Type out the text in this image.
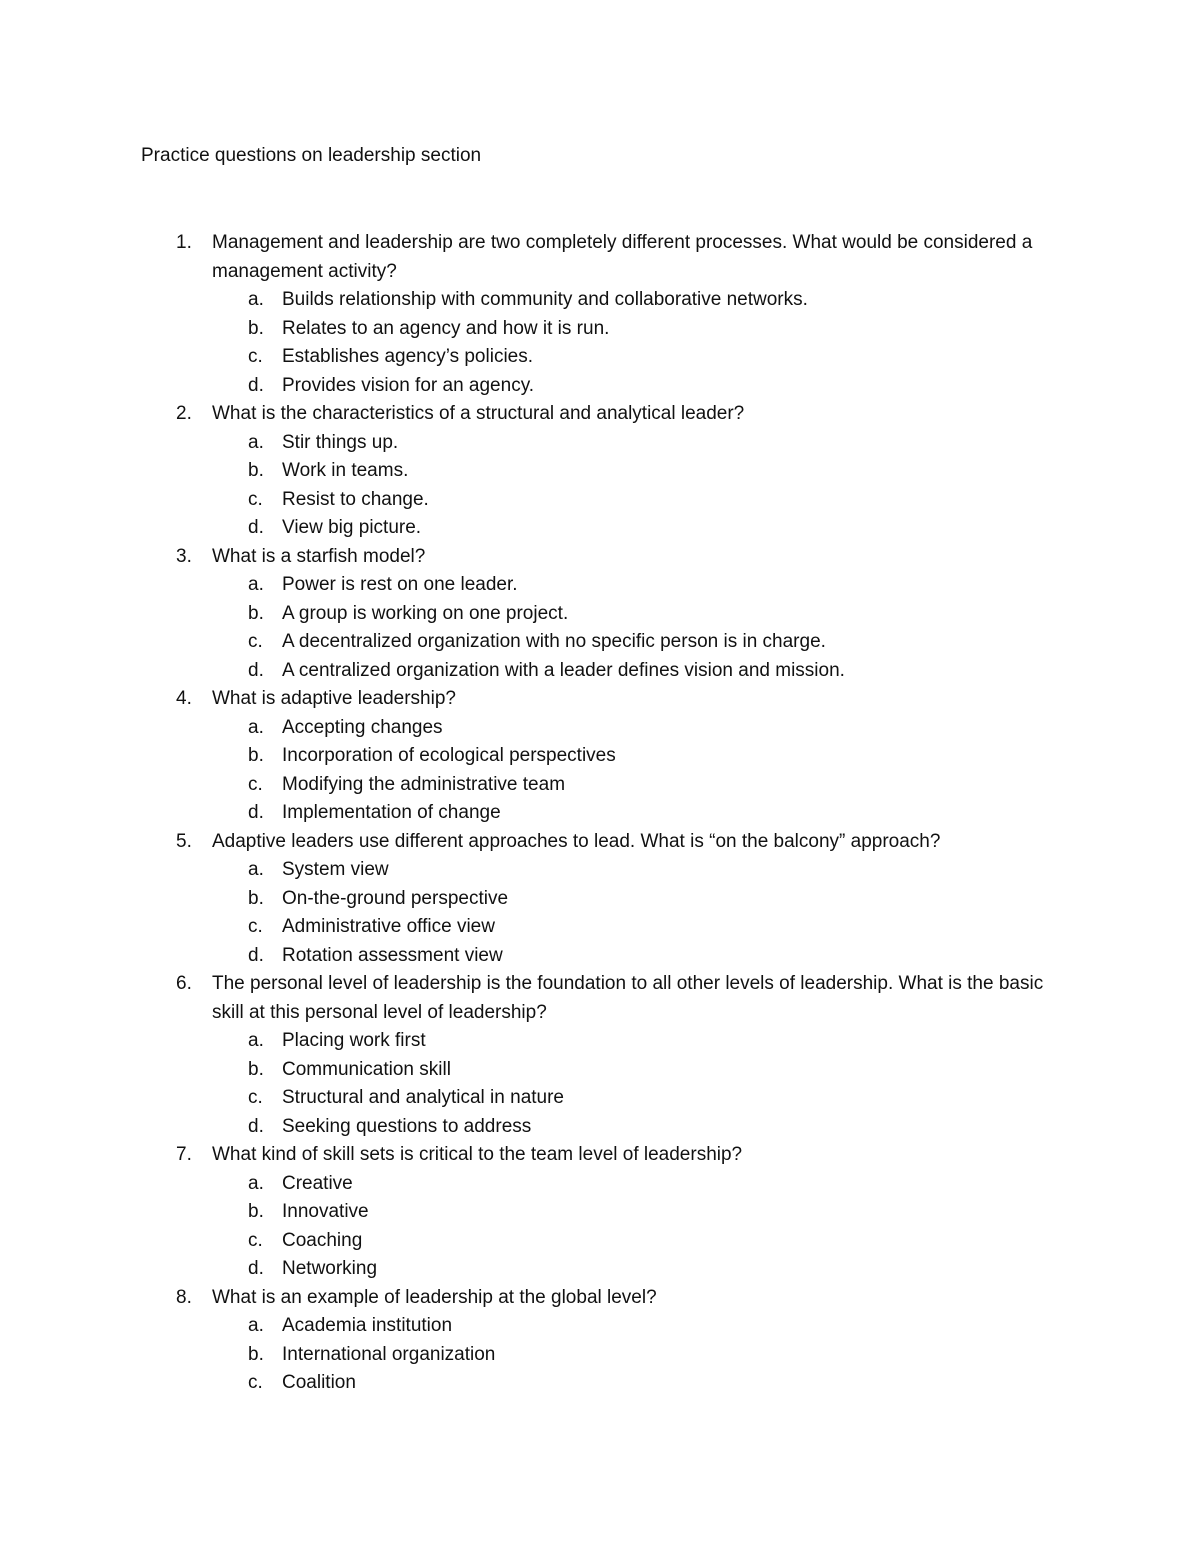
Practice questions on leadership section
1.	Management and leadership are two completely different processes. What would be considered a management activity?
a. Builds relationship with community and collaborative networks.
b. Relates to an agency and how it is run.
c.	Establishes agency’s policies.
d. Provides vision for an agency.
2.	What is the characteristics of a structural and analytical leader?
a. Stir things up.
b. Work in teams.
c.	Resist to change.
d. View big picture.
3.	What is a starfish model?
a. Power is rest on one leader.
b. A group is working on one project.
c.	A decentralized organization with no specific person is in charge.
d. A centralized organization with a leader defines vision and mission.
4.	What is adaptive leadership?
a. Accepting changes
b. Incorporation of ecological perspectives
c.	Modifying the administrative team
d. Implementation of change
5.	Adaptive leaders use different approaches to lead. What is “on the balcony” approach?
a. System view
b. On-the-ground perspective
c.	Administrative office view
d. Rotation assessment view
6.	The personal level of leadership is the foundation to all other levels of leadership. What is the basic skill at this personal level of leadership?
a. Placing work first
b. Communication skill
c.	Structural and analytical in nature
d. Seeking questions to address
7.	What kind of skill sets is critical to the team level of leadership?
a. Creative
b. Innovative
c.	Coaching
d. Networking
8.	What is an example of leadership at the global level?
a. Academia institution
b. International organization
c.	Coalition
